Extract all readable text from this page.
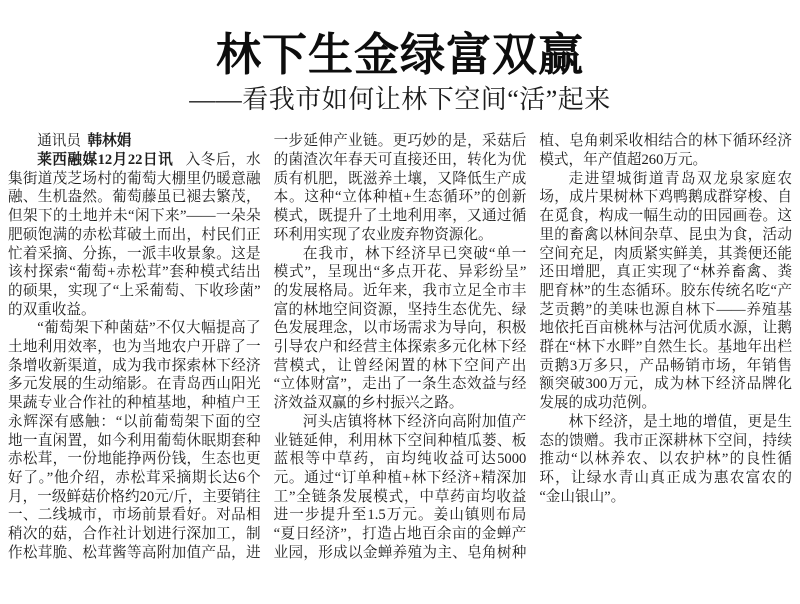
林下生金绿富双赢
——看我市如何让林下空间“活”起来

通讯员 韩林娟

莱西融媒12月22日讯 入冬后，水集街道茂芝场村的葡萄大棚里仍暖意融融、生机盎然。葡萄藤虽已褪去繁茂，但架下的土地并未“闲下来”——一朵朵肥硕饱满的赤松茸破土而出，村民们正忙着采摘、分拣，一派丰收景象。这是该村探索“葡萄+赤松茸”套种模式结出的硕果，实现了“上采葡萄、下收珍菌”的双重收益。

“葡萄架下种菌菇”不仅大幅提高了土地利用效率，也为当地农户开辟了一条增收新渠道，成为我市探索林下经济多元发展的生动缩影。在青岛西山阳光果蔬专业合作社的种植基地，种植户王永辉深有感触：“以前葡萄架下面的空地一直闲置，如今利用葡萄休眠期套种赤松茸，一份地能挣两份钱，生态也更好了。”他介绍，赤松茸采摘期长达6个月，一级鲜菇价格约20元/斤，主要销往一、二线城市，市场前景看好。对品相稍次的菇，合作社计划进行深加工，制作松茸脆、松茸酱等高附加值产品，进一步延伸产业链。更巧妙的是，采菇后的菌渣次年春天可直接还田，转化为优质有机肥，既滋养土壤，又降低生产成本。这种“立体种植+生态循环”的创新模式，既提升了土地利用率，又通过循环利用实现了农业废弃物资源化。

在我市，林下经济早已突破“单一模式”，呈现出“多点开花、异彩纷呈”的发展格局。近年来，我市立足全市丰富的林地空间资源，坚持生态优先、绿色发展理念，以市场需求为导向，积极引导农户和经营主体探索多元化林下经营模式，让曾经闲置的林下空间产出“立体财富”，走出了一条生态效益与经济效益双赢的乡村振兴之路。

河头店镇将林下经济向高附加值产业链延伸，利用林下空间种植瓜蒌、板蓝根等中草药，亩均纯收益可达5000元。通过“订单种植+林下经济+精深加工”全链条发展模式，中草药亩均收益进一步提升至1.5万元。姜山镇则布局“夏日经济”，打造占地百余亩的金蝉产业园，形成以金蝉养殖为主、皂角树种植、皂角刺采收相结合的林下循环经济模式，年产值超260万元。

走进望城街道青岛双龙泉家庭农场，成片果树林下鸡鸭鹅成群穿梭、自在觅食，构成一幅生动的田园画卷。这里的畜禽以林间杂草、昆虫为食，活动空间充足，肉质紧实鲜美，其粪便还能还田增肥，真正实现了“林养畜禽、粪肥育林”的生态循环。胶东传统名吃“产芝贡鹅”的美味也源自林下——养殖基地依托百亩桃林与沽河优质水源，让鹅群在“林下水畔”自然生长。基地年出栏贡鹅3万多只，产品畅销市场，年销售额突破300万元，成为林下经济品牌化发展的成功范例。

林下经济，是土地的增值，更是生态的馈赠。我市正深耕林下空间，持续推动“以林养农、以农护林”的良性循环，让绿水青山真正成为惠农富农的“金山银山”。
